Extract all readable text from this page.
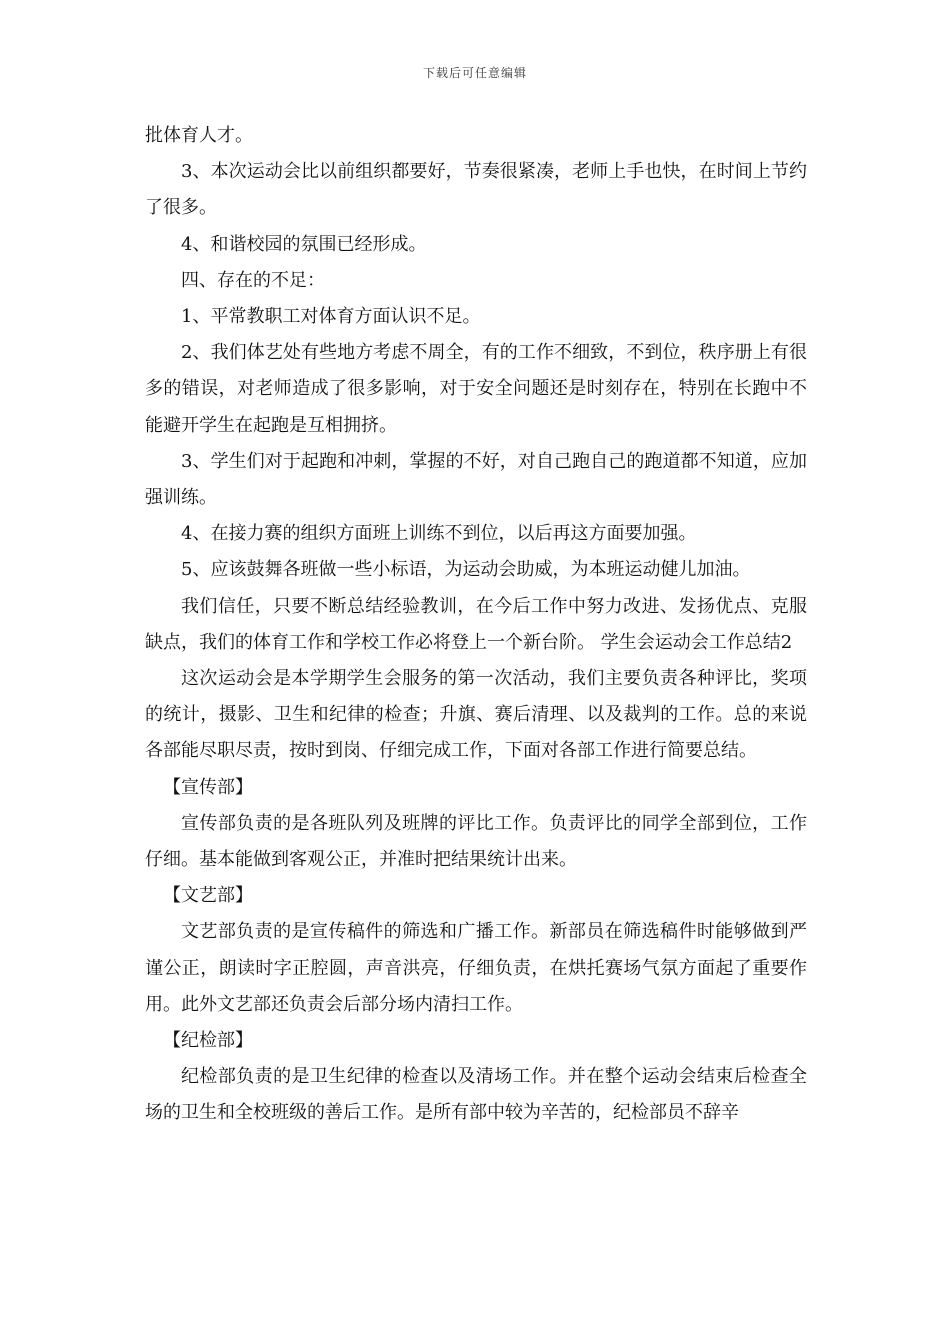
下载后可任意编辑

批体育人才。

3、本次运动会比以前组织都要好，节奏很紧凑，老师上手也快，在时间上节约了很多。

4、和谐校园的氛围已经形成。

四、存在的不足：

1、平常教职工对体育方面认识不足。

2、我们体艺处有些地方考虑不周全，有的工作不细致，不到位，秩序册上有很多的错误，对老师造成了很多影响，对于安全问题还是时刻存在，特别在长跑中不能避开学生在起跑是互相拥挤。

3、学生们对于起跑和冲刺，掌握的不好，对自己跑自己的跑道都不知道，应加强训练。

4、在接力赛的组织方面班上训练不到位，以后再这方面要加强。

5、应该鼓舞各班做一些小标语，为运动会助威，为本班运动健儿加油。

我们信任，只要不断总结经验教训，在今后工作中努力改进、发扬优点、克服缺点，我们的体育工作和学校工作必将登上一个新台阶。 学生会运动会工作总结2

这次运动会是本学期学生会服务的第一次活动，我们主要负责各种评比，奖项的统计，摄影、卫生和纪律的检查；升旗、赛后清理、以及裁判的工作。总的来说各部能尽职尽责，按时到岗、仔细完成工作，下面对各部工作进行简要总结。

【宣传部】

宣传部负责的是各班队列及班牌的评比工作。负责评比的同学全部到位，工作仔细。基本能做到客观公正，并准时把结果统计出来。

【文艺部】

文艺部负责的是宣传稿件的筛选和广播工作。新部员在筛选稿件时能够做到严谨公正，朗读时字正腔圆，声音洪亮，仔细负责，在烘托赛场气氛方面起了重要作用。此外文艺部还负责会后部分场内清扫工作。

【纪检部】

纪检部负责的是卫生纪律的检查以及清场工作。并在整个运动会结束后检查全场的卫生和全校班级的善后工作。是所有部中较为辛苦的，纪检部员不辞辛
